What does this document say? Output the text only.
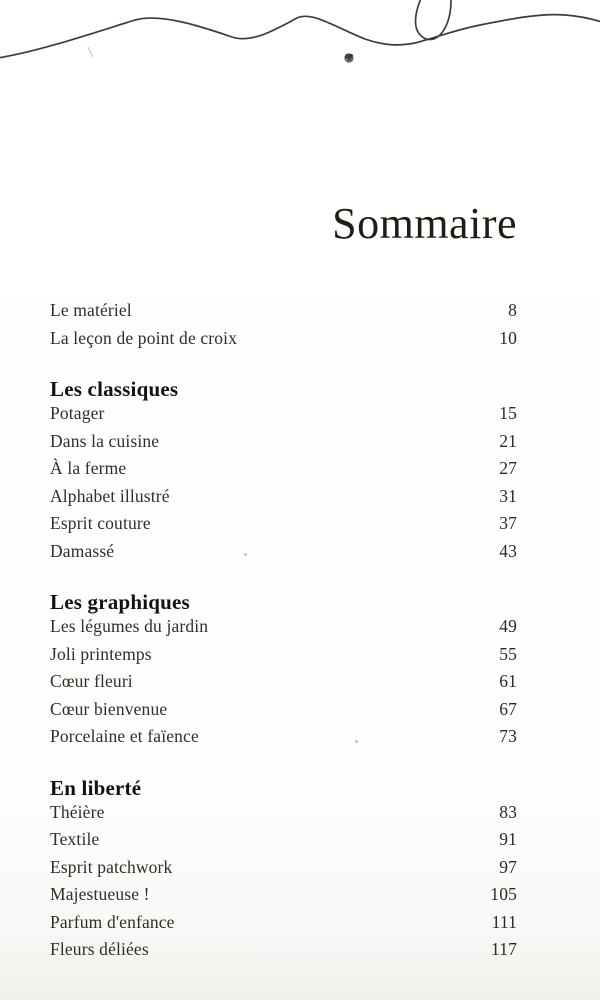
Sommaire
Le matériel	8
La leçon de point de croix	10
Les classiques
Potager	15
Dans la cuisine	21
À la ferme	27
Alphabet illustré	31
Esprit couture	37
Damassé	43
Les graphiques
Les légumes du jardin	49
Joli printemps	55
Cœur fleuri	61
Cœur bienvenue	67
Porcelaine et faïence	73
En liberté
Théière	83
Textile	91
Esprit patchwork	97
Majestueuse !	105
Parfum d'enfance	111
Fleurs déliées	117
